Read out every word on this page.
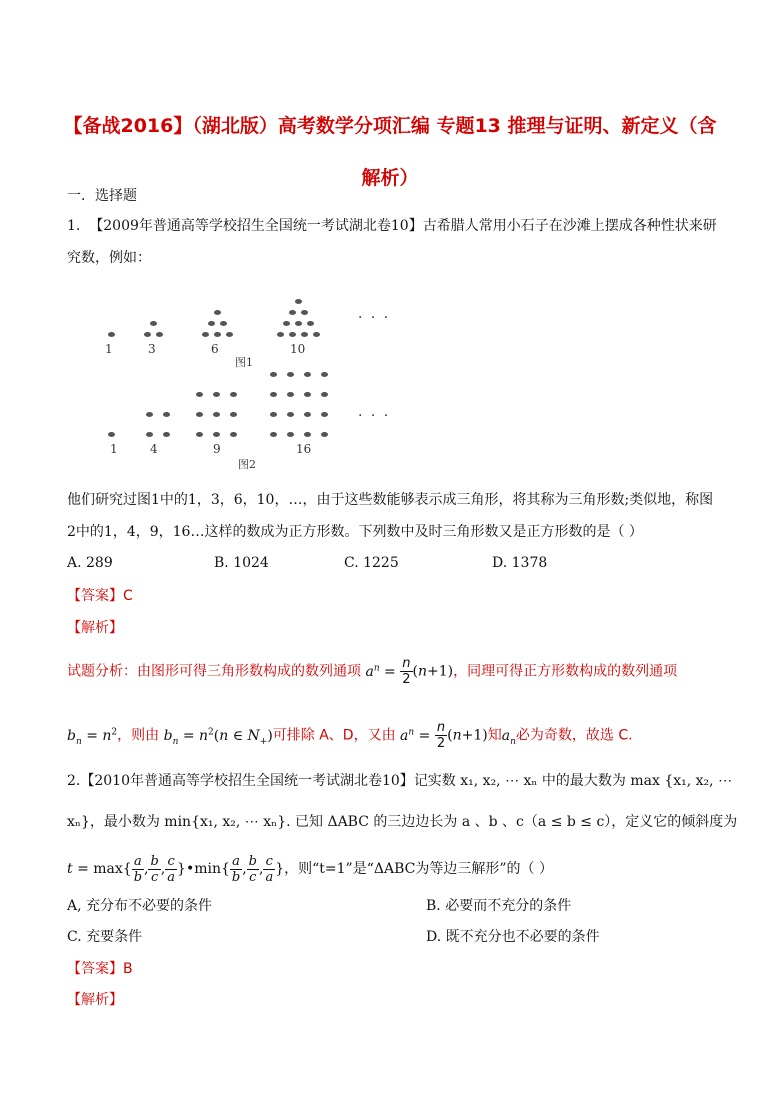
【备战2016】（湖北版）高考数学分项汇编 专题13 推理与证明、新定义（含解析）
一．选择题
1. 【2009年普通高等学校招生全国统一考试湖北卷10】古希腊人常用小石子在沙滩上摆成各种性状来研
究数，例如：
1	3	6	10
图1
· · ·
1	4	9	16
图2
· · ·
他们研究过图1中的1，3，6，10，…，由于这些数能够表示成三角形，将其称为三角形数;类似地，称图
2中的1，4，9，16…这样的数成为正方形数。下列数中及时三角形数又是正方形数的是（ ）
A. 289	B. 1024	C. 1225	D. 1378
【答案】C
【解析】
试题分析：由图形可得三角形数构成的数列通项 $a^n = \frac{n}{2} (n+1)$，同理可得正方形数构成的数列通项
$b_n = n^2$，则由 $b_n = n^2(n$ ∈ $N_+$)可排除 A、D，又由 $a^n = \frac{n}{2} (n+1)$知$a_n$必为奇数，故选 C.
2.【2010年普通高等学校招生全国统一考试湖北卷10】记实数 x₁, x₂, ⋯ xₙ 中的最大数为 max {x₁, x₂, ⋯
xₙ}，最小数为 min{x₁, x₂, ⋯ xₙ}. 已知 ΔABC 的三边边长为 a 、b 、c（a ≤ b ≤ c），定义它的倾斜度为
$t = \max\{ \frac{a}{b}$ , $\frac{b}{c}$ , $\frac{c}{a}$ }•min{ $\frac{a}{b}$ , $\frac{b}{c}$ , $\frac{c}{a}$ }，则“t=1”是“ΔABC为等边三解形”的（ ）
A, 充分布不必要的条件	B. 必要而不充分的条件
C. 充要条件	D. 既不充分也不必要的条件
【答案】B
【解析】
